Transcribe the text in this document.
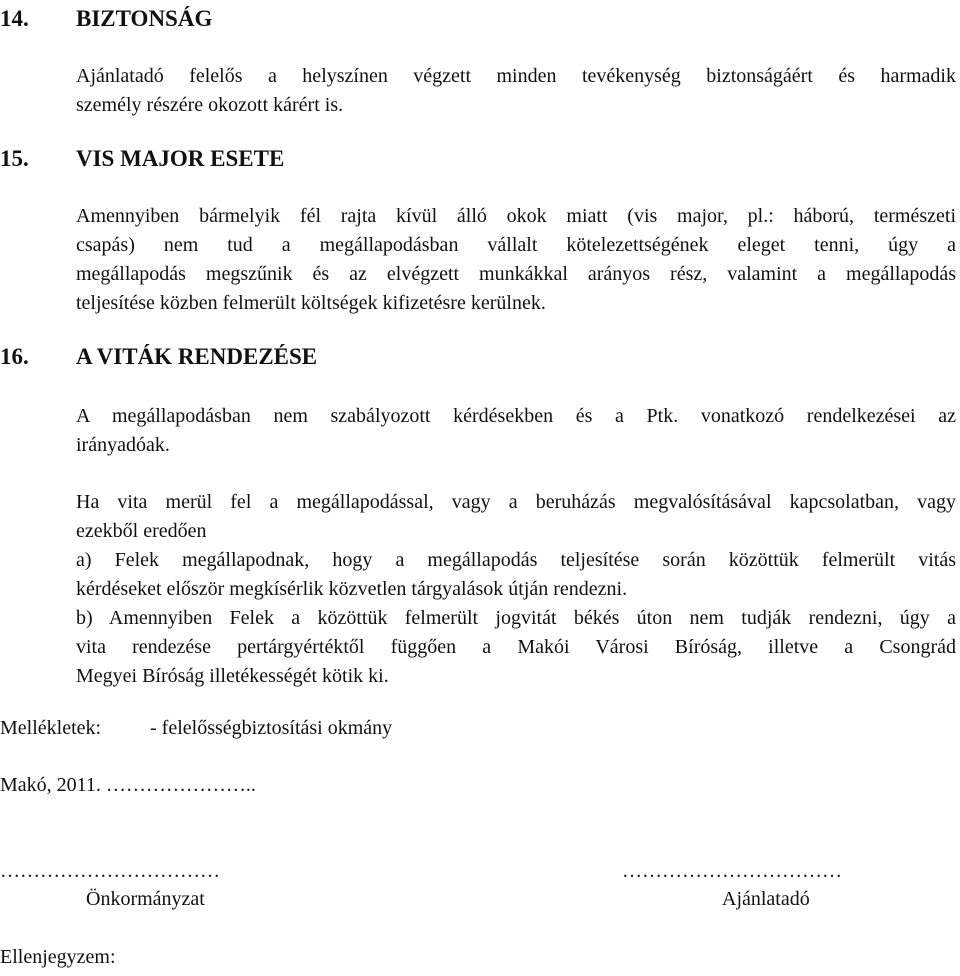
14. BIZTONSÁG
Ajánlatadó felelős a helyszínen végzett minden tevékenység biztonságáért és harmadik
személy részére okozott kárért is.
15. VIS MAJOR ESETE
Amennyiben bármelyik fél rajta kívül álló okok miatt (vis major, pl.: háború, természeti
csapás) nem tud a megállapodásban vállalt kötelezettségének eleget tenni, úgy a
megállapodás megszűnik és az elvégzett munkákkal arányos rész, valamint a megállapodás
teljesítése közben felmerült költségek kifizetésre kerülnek.
16. A VITÁK RENDEZÉSE
A megállapodásban nem szabályozott kérdésekben és a Ptk. vonatkozó rendelkezései az
irányadóak.
Ha vita merül fel a megállapodással, vagy a beruházás megvalósításával kapcsolatban, vagy
ezekből eredően
a) Felek megállapodnak, hogy a megállapodás teljesítése során közöttük felmerült vitás
kérdéseket először megkísérlik közvetlen tárgyalások útján rendezni.
b) Amennyiben Felek a közöttük felmerült jogvitát békés úton nem tudják rendezni, úgy a
vita rendezése pertárgyértéktől függően a Makói Városi Bíróság, illetve a Csongrád
Megyei Bíróság illetékességét kötik ki.
Mellékletek: - felelősségbiztosítási okmány
Makó, 2011. …………………..
……………………………
Önkormányzat
……………………………
Ajánlatadó
Ellenjegyzem:
